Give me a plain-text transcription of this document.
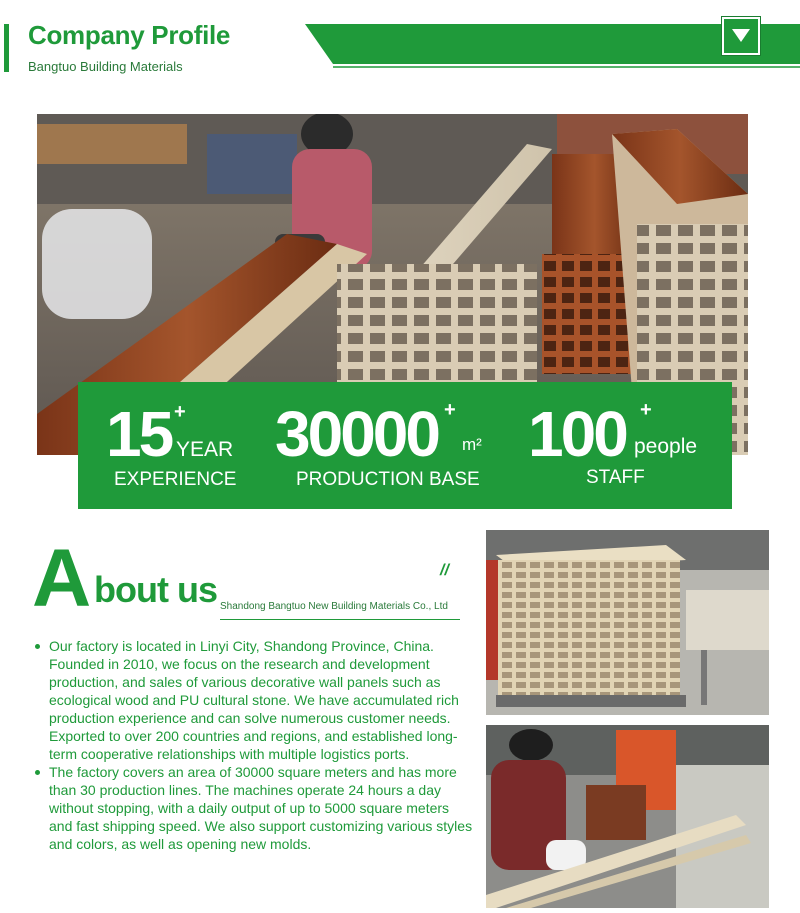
Company Profile
Bangtuo Building Materials
15 +
YEAR
EXPERIENCE
30000 +
m²
PRODUCTION BASE
100 +
people
STAFF
A bout us	//
Shandong Bangtuo New Building Materials Co., Ltd

Our factory is located in Linyi City, Shandong Province, China. Founded in 2010, we focus on the research and development production, and sales of various decorative wall panels such as ecological wood and PU cultural stone. We have accumulated rich production experience and can solve numerous customer needs. Exported to over 200 countries and regions, and established long-term cooperative relationships with multiple logistics ports.

The factory covers an area of 30000 square meters and has more than 30 production lines. The machines operate 24 hours a day without stopping, with a daily output of up to 5000 square meters and fast shipping speed. We also support customizing various styles and colors, as well as opening new molds.
